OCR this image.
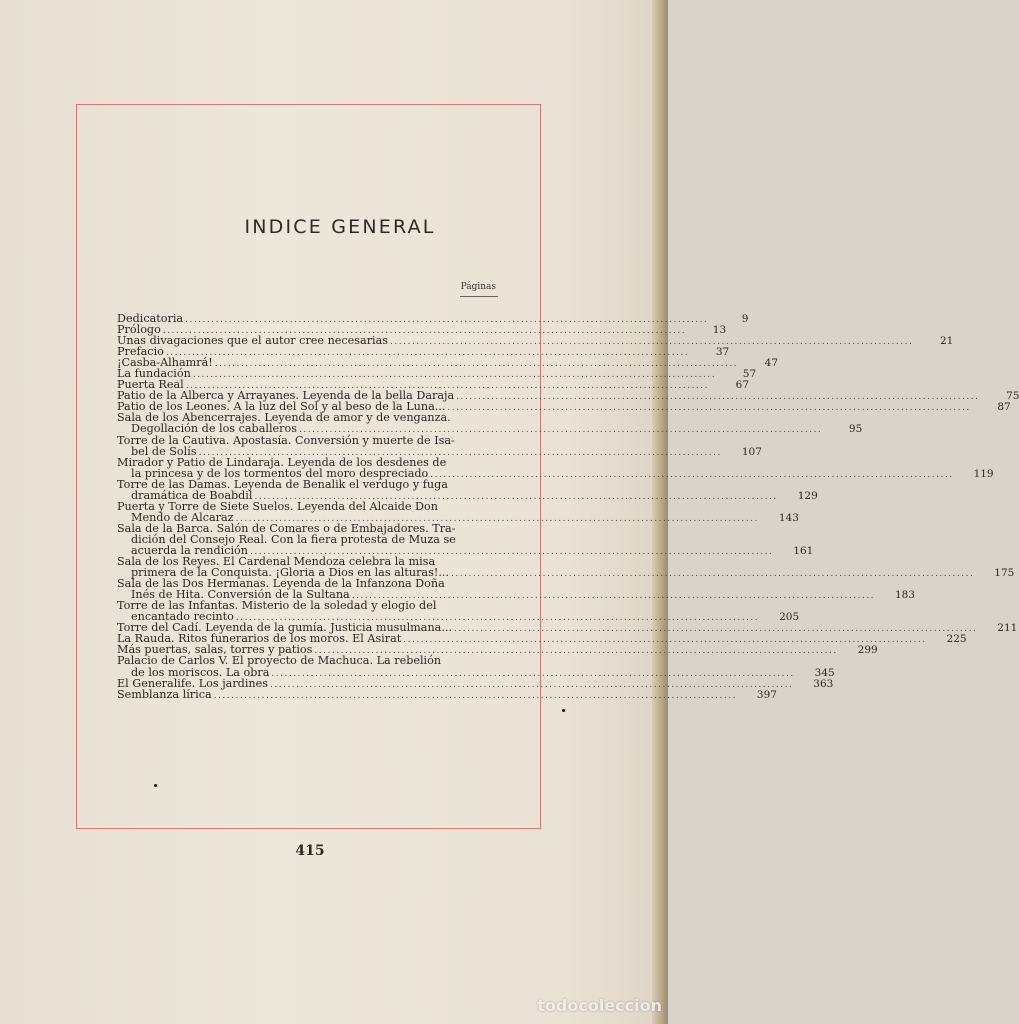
INDICE GENERAL
Páginas
Dedicatoria ........................................................................................................................	9
Prólogo ........................................................................................................................	13
Unas divagaciones que el autor cree necesarias ........................................................................................................................	21
Prefacio ........................................................................................................................	37
¡Casba-Alhamrá! ........................................................................................................................	47
La fundación ........................................................................................................................	57
Puerta Real ........................................................................................................................	67
Patio de la Alberca y Arrayanes. Leyenda de la bella Daraja ........................................................................................................................	75
Patio de los Leones. A la luz del Sol y al beso de la Luna... ........................................................................................................................	87
Sala de los Abencerrajes. Leyenda de amor y de venganza.
Degollación de los caballeros ........................................................................................................................	95
Torre de la Cautiva. Apostasía. Conversión y muerte de Isa-
bel de Solís ........................................................................................................................	107
Mirador y Patio de Lindaraja. Leyenda de los desdenes de
la princesa y de los tormentos del moro despreciado ........................................................................................................................	119
Torre de las Damas. Leyenda de Benalik el verdugo y fuga
dramática de Boabdil ........................................................................................................................	129
Puerta y Torre de Siete Suelos. Leyenda del Alcaide Don
Mendo de Alcaraz ........................................................................................................................	143
Sala de la Barca. Salón de Comares o de Embajadores. Tra-
dición del Consejo Real. Con la fiera protesta de Muza se
acuerda la rendición ........................................................................................................................	161
Sala de los Reyes. El Cardenal Mendoza celebra la misa
primera de la Conquista. ¡Gloria a Dios en las alturas!... ........................................................................................................................	175
Sala de las Dos Hermanas. Leyenda de la Infanzona Doña
Inés de Hita. Conversión de la Sultana ........................................................................................................................	183
Torre de las Infantas. Misterio de la soledad y elogio del
encantado recinto ........................................................................................................................	205
Torre del Cadí. Leyenda de la gumía. Justicia musulmana... ........................................................................................................................	211
La Rauda. Ritos funerarios de los moros. El Asirat ........................................................................................................................	225
Más puertas, salas, torres y patios ........................................................................................................................	299
Palacio de Carlos V. El proyecto de Machuca. La rebelión
de los moriscos. La obra ........................................................................................................................	345
El Generalife. Los jardines ........................................................................................................................	363
Semblanza lírica ........................................................................................................................	397
415
todocoleccion
